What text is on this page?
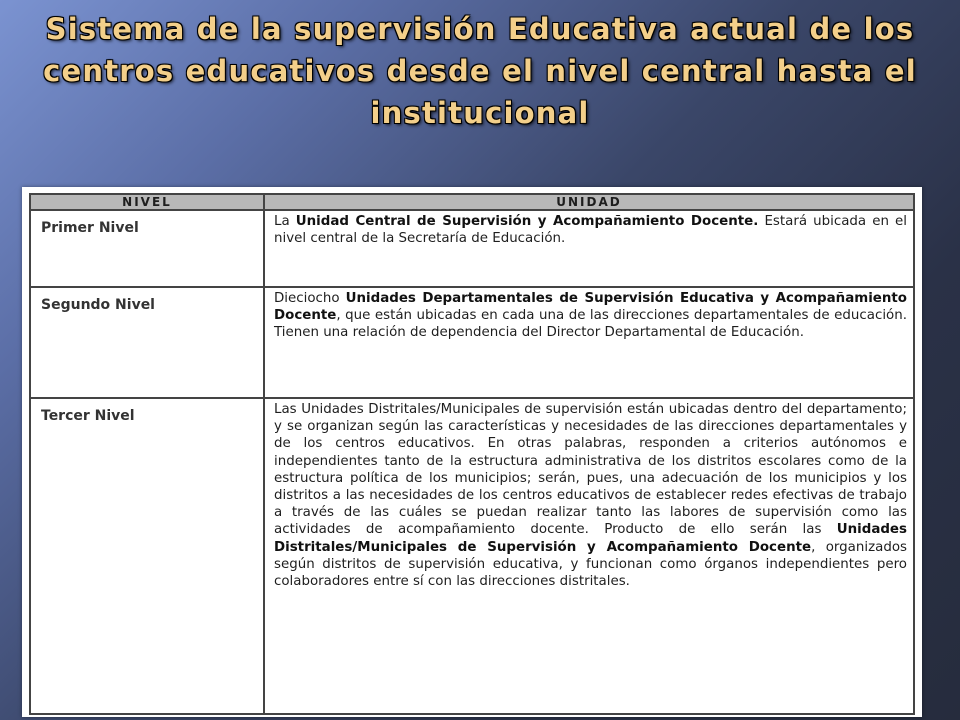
Sistema de la supervisión Educativa actual de los centros educativos desde el nivel central hasta el institucional
NIVEL	UNIDAD
Primer Nivel	La Unidad Central de Supervisión y Acompañamiento Docente. Estará ubicada en el nivel central de la Secretaría de Educación.
Segundo Nivel	Dieciocho Unidades Departamentales de Supervisión Educativa y Acompañamiento Docente, que están ubicadas en cada una de las direcciones departamentales de educación. Tienen una relación de dependencia del Director Departamental de Educación.
Tercer Nivel	Las Unidades Distritales/Municipales de supervisión están ubicadas dentro del departamento; y se organizan según las características y necesidades de las direcciones departamentales y de los centros educativos. En otras palabras, responden a criterios autónomos e independientes tanto de la estructura administrativa de los distritos escolares como de la estructura política de los municipios; serán, pues, una adecuación de los municipios y los distritos a las necesidades de los centros educativos de establecer redes efectivas de trabajo a través de las cuáles se puedan realizar tanto las labores de supervisión como las actividades de acompañamiento docente. Producto de ello serán las Unidades Distritales/Municipales de Supervisión y Acompañamiento Docente, organizados según distritos de supervisión educativa, y funcionan como órganos independientes pero colaboradores entre sí con las direcciones distritales.
